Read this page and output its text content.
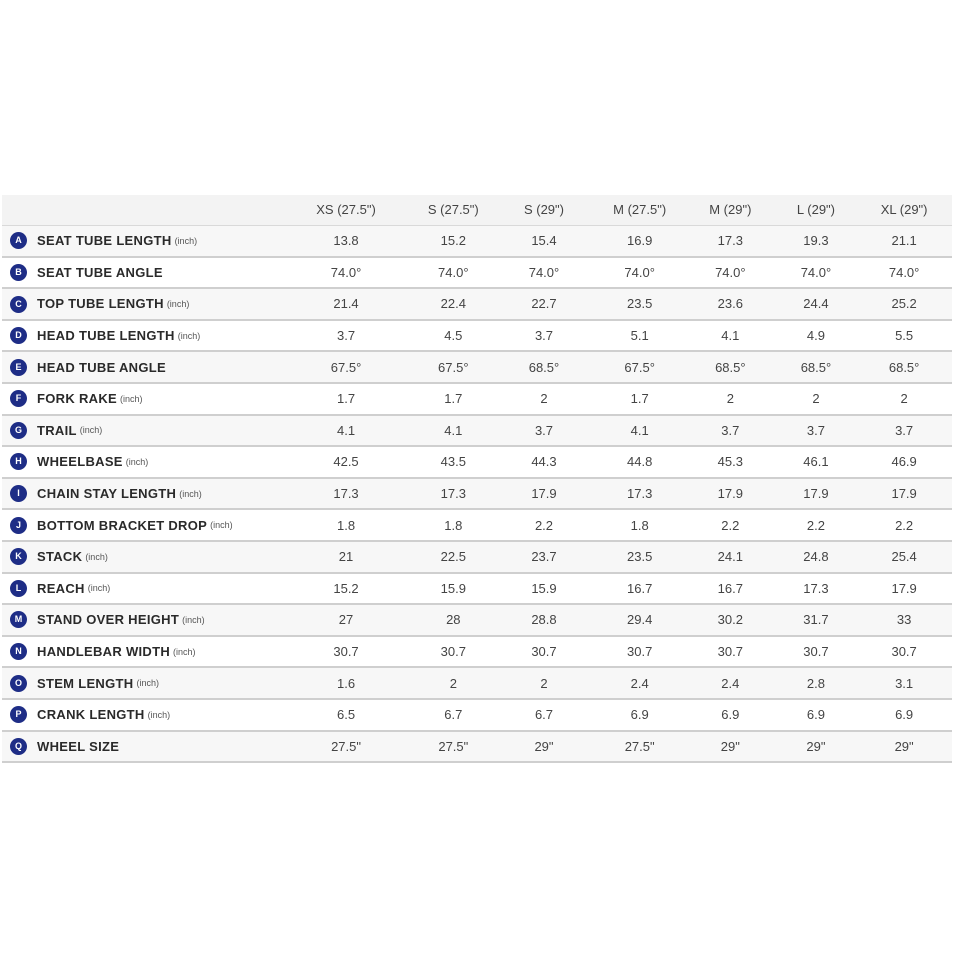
	XS (27.5")	S (27.5")	S (29")	M (27.5")	M (29")	L (29")	XL (29")
A SEAT TUBE LENGTH (inch)	13.8	15.2	15.4	16.9	17.3	19.3	21.1
B SEAT TUBE ANGLE	74.0°	74.0°	74.0°	74.0°	74.0°	74.0°	74.0°
C TOP TUBE LENGTH (inch)	21.4	22.4	22.7	23.5	23.6	24.4	25.2
D HEAD TUBE LENGTH (inch)	3.7	4.5	3.7	5.1	4.1	4.9	5.5
E HEAD TUBE ANGLE	67.5°	67.5°	68.5°	67.5°	68.5°	68.5°	68.5°
F FORK RAKE (inch)	1.7	1.7	2	1.7	2	2	2
G TRAIL (inch)	4.1	4.1	3.7	4.1	3.7	3.7	3.7
H WHEELBASE (inch)	42.5	43.5	44.3	44.8	45.3	46.1	46.9
I CHAIN STAY LENGTH (inch)	17.3	17.3	17.9	17.3	17.9	17.9	17.9
J BOTTOM BRACKET DROP (inch)	1.8	1.8	2.2	1.8	2.2	2.2	2.2
K STACK (inch)	21	22.5	23.7	23.5	24.1	24.8	25.4
L REACH (inch)	15.2	15.9	15.9	16.7	16.7	17.3	17.9
M STAND OVER HEIGHT (inch)	27	28	28.8	29.4	30.2	31.7	33
N HANDLEBAR WIDTH (inch)	30.7	30.7	30.7	30.7	30.7	30.7	30.7
O STEM LENGTH (inch)	1.6	2	2	2.4	2.4	2.8	3.1
P CRANK LENGTH (inch)	6.5	6.7	6.7	6.9	6.9	6.9	6.9
Q WHEEL SIZE	27.5"	27.5"	29"	27.5"	29"	29"	29"
